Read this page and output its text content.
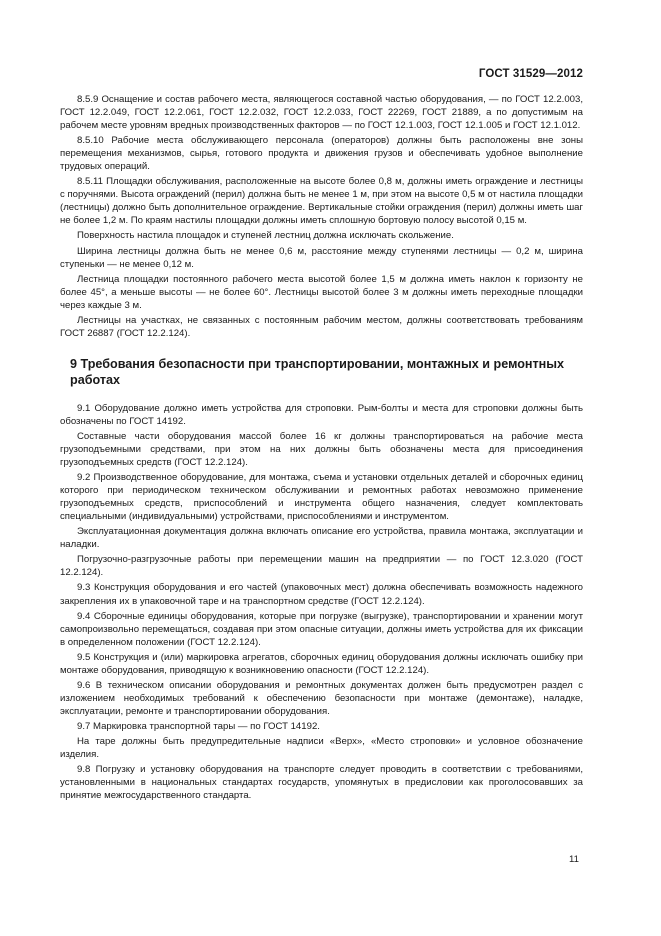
ГОСТ 31529—2012

8.5.9 Оснащение и состав рабочего места, являющегося составной частью оборудования, — по ГОСТ 12.2.003, ГОСТ 12.2.049, ГОСТ 12.2.061, ГОСТ 12.2.032, ГОСТ 12.2.033, ГОСТ 22269, ГОСТ 21889, а по допустимым на рабочем месте уровням вредных производственных факторов — по ГОСТ 12.1.003, ГОСТ 12.1.005 и ГОСТ 12.1.012.

8.5.10 Рабочие места обслуживающего персонала (операторов) должны быть расположены вне зоны перемещения механизмов, сырья, готового продукта и движения грузов и обеспечивать удобное выполнение трудовых операций.

8.5.11 Площадки обслуживания, расположенные на высоте более 0,8 м, должны иметь ограждение и лестницы с поручнями. Высота ограждений (перил) должна быть не менее 1 м, при этом на высоте 0,5 м от настила площадки (лестницы) должно быть дополнительное ограждение. Вертикальные стойки ограждения (перил) должны иметь шаг не более 1,2 м. По краям настилы площадки должны иметь сплошную бортовую полосу высотой 0,15 м.

Поверхность настила площадок и ступеней лестниц должна исключать скольжение.

Ширина лестницы должна быть не менее 0,6 м, расстояние между ступенями лестницы — 0,2 м, ширина ступеньки — не менее 0,12 м.

Лестница площадки постоянного рабочего места высотой более 1,5 м должна иметь наклон к горизонту не более 45°, а меньше высоты — не более 60°. Лестницы высотой более 3 м должны иметь переходные площадки через каждые 3 м.

Лестницы на участках, не связанных с постоянным рабочим местом, должны соответствовать требованиям ГОСТ 26887 (ГОСТ 12.2.124).

9 Требования безопасности при транспортировании, монтажных и ремонтных работах

9.1 Оборудование должно иметь устройства для строповки. Рым-болты и места для строповки должны быть обозначены по ГОСТ 14192.

Составные части оборудования массой более 16 кг должны транспортироваться на рабочие места грузоподъемными средствами, при этом на них должны быть обозначены места для присоединения грузоподъемных средств (ГОСТ 12.2.124).

9.2 Производственное оборудование, для монтажа, съема и установки отдельных деталей и сборочных единиц которого при периодическом техническом обслуживании и ремонтных работах невозможно применение грузоподъемных средств, приспособлений и инструмента общего назначения, следует комплектовать специальными (индивидуальными) устройствами, приспособлениями и инструментом.

Эксплуатационная документация должна включать описание его устройства, правила монтажа, эксплуатации и наладки.

Погрузочно-разгрузочные работы при перемещении машин на предприятии — по ГОСТ 12.3.020 (ГОСТ 12.2.124).

9.3 Конструкция оборудования и его частей (упаковочных мест) должна обеспечивать возможность надежного закрепления их в упаковочной таре и на транспортном средстве (ГОСТ 12.2.124).

9.4 Сборочные единицы оборудования, которые при погрузке (выгрузке), транспортировании и хранении могут самопроизвольно перемещаться, создавая при этом опасные ситуации, должны иметь устройства для их фиксации в определенном положении (ГОСТ 12.2.124).

9.5 Конструкция и (или) маркировка агрегатов, сборочных единиц оборудования должны исключать ошибку при монтаже оборудования, приводящую к возникновению опасности (ГОСТ 12.2.124).

9.6 В техническом описании оборудования и ремонтных документах должен быть предусмотрен раздел с изложением необходимых требований к обеспечению безопасности при монтаже (демонтаже), наладке, эксплуатации, ремонте и транспортировании оборудования.

9.7 Маркировка транспортной тары — по ГОСТ 14192.

На таре должны быть предупредительные надписи «Верх», «Место строповки» и условное обозначение изделия.

9.8 Погрузку и установку оборудования на транспорте следует проводить в соответствии с требованиями, установленными в национальных стандартах государств, упомянутых в предисловии как проголосовавших за принятие межгосударственного стандарта.

11
